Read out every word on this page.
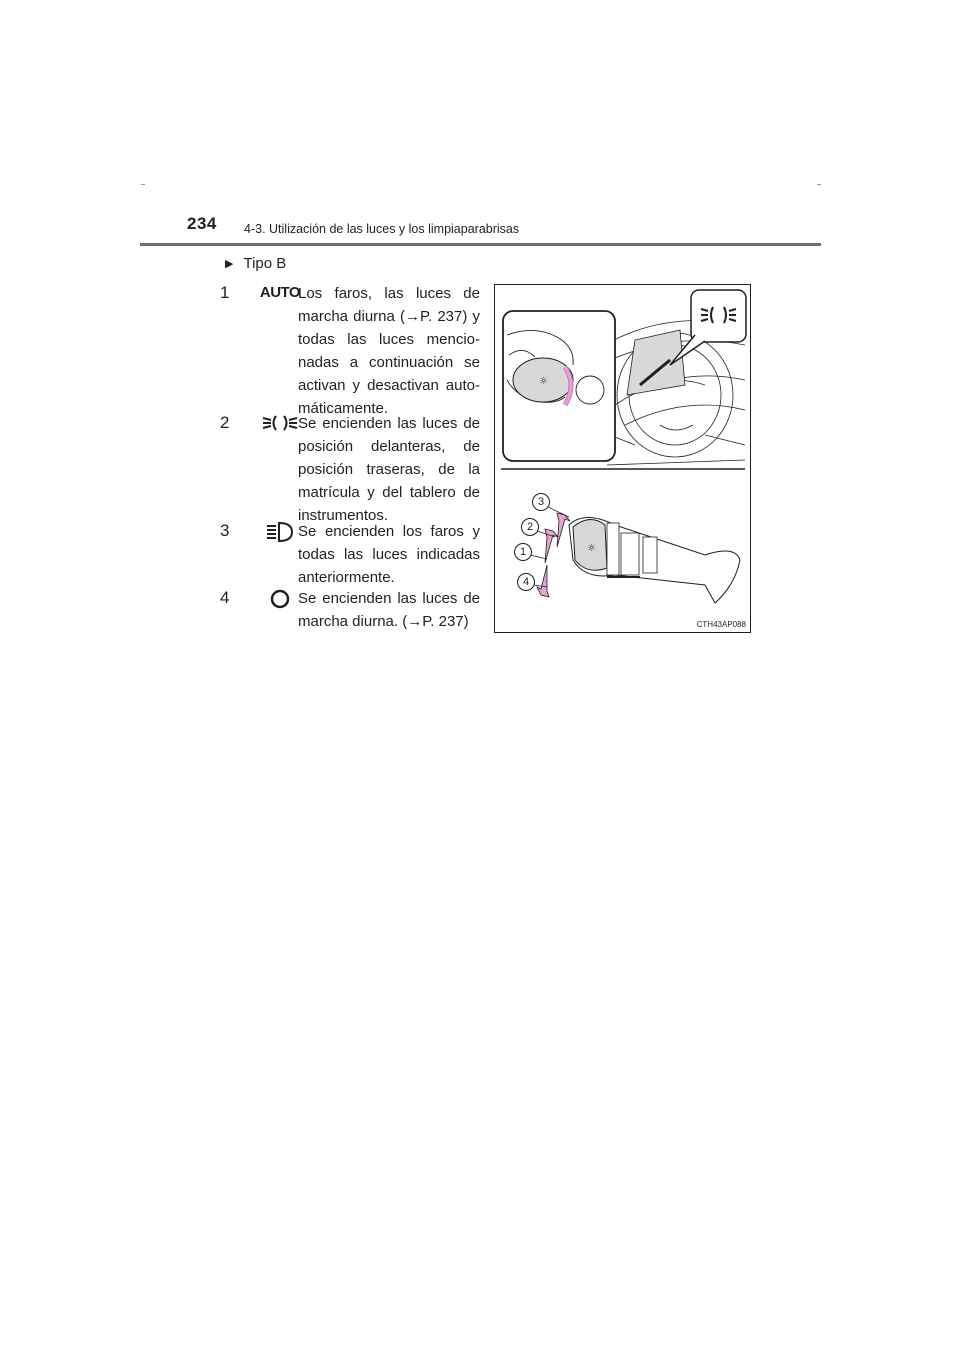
234 4-3. Utilización de las luces y los limpiaparabrisas
▶ Tipo B
1	AUTO
Los faros, las luces de marcha diurna (→P. 237) y todas las luces mencio-nadas a continuación se activan y desactivan auto-máticamente.
2	Se encienden las luces de posición delanteras, de posición traseras, de la matrícula y del tablero de instrumentos.
3	Se encienden los faros y todas las luces indicadas anteriormente.
4	Se encienden las luces de marcha diurna. (→P. 237)
☼
☼
3
2
1
4
CTH43AP088
